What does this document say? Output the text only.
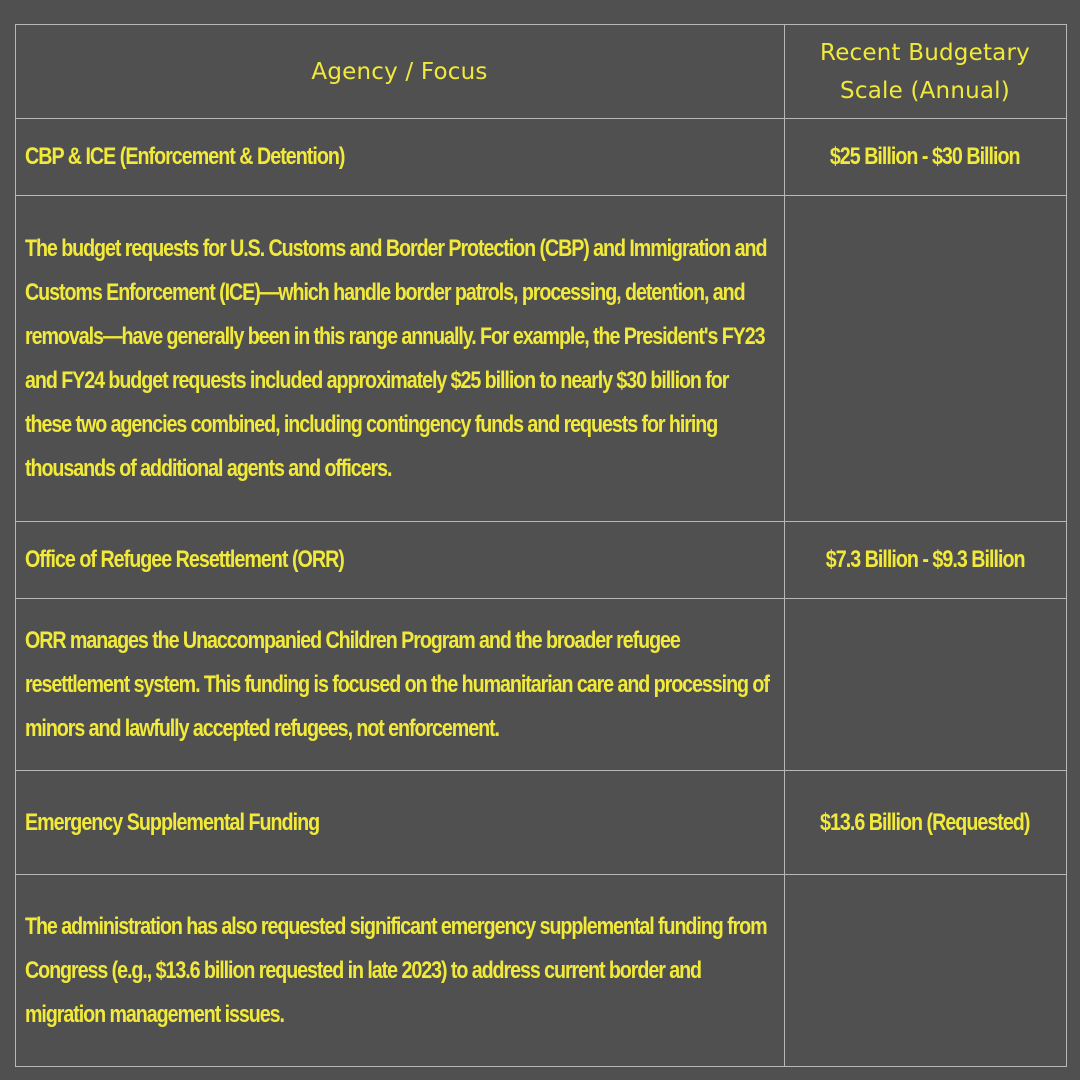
Agency / Focus	Recent Budgetary Scale (Annual)
CBP & ICE (Enforcement & Detention)	$25 Billion - $30 Billion

The budget requests for U.S. Customs and Border Protection (CBP) and Immigration and Customs Enforcement (ICE)—which handle border patrols, processing, detention, and removals—have generally been in this range annually. For example, the President's FY23 and FY24 budget requests included approximately $25 billion to nearly $30 billion for these two agencies combined, including contingency funds and requests for hiring thousands of additional agents and officers.	

Office of Refugee Resettlement (ORR)	$7.3 Billion - $9.3 Billion

ORR manages the Unaccompanied Children Program and the broader refugee resettlement system. This funding is focused on the humanitarian care and processing of minors and lawfully accepted refugees, not enforcement.	

Emergency Supplemental Funding	$13.6 Billion (Requested)

The administration has also requested significant emergency supplemental funding from Congress (e.g., $13.6 billion requested in late 2023) to address current border and migration management issues.	
